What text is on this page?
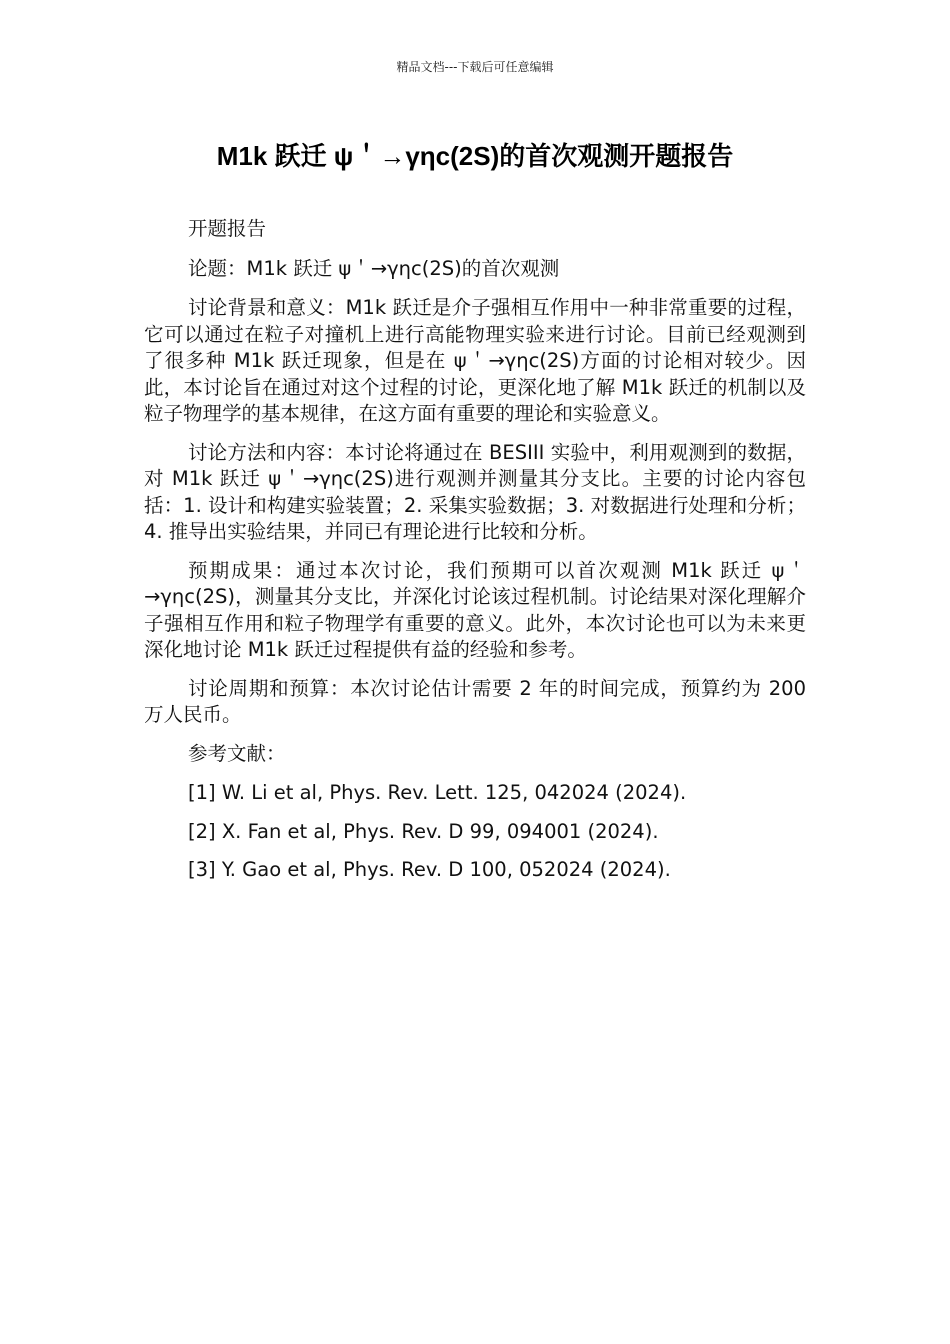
精品文档---下载后可任意编辑
M1k 跃迁 ψ＇→γηc(2S)的首次观测开题报告

开题报告

论题：M1k 跃迁 ψ＇→γηc(2S)的首次观测

讨论背景和意义：M1k 跃迁是介子强相互作用中一种非常重要的过程，它可以通过在粒子对撞机上进行高能物理实验来进行讨论。目前已经观测到了很多种 M1k 跃迁现象，但是在 ψ＇→γηc(2S)方面的讨论相对较少。因此，本讨论旨在通过对这个过程的讨论，更深化地了解 M1k 跃迁的机制以及粒子物理学的基本规律，在这方面有重要的理论和实验意义。

讨论方法和内容：本讨论将通过在 BESIII 实验中，利用观测到的数据，对 M1k 跃迁 ψ＇→γηc(2S)进行观测并测量其分支比。主要的讨论内容包括：1. 设计和构建实验装置；2. 采集实验数据；3. 对数据进行处理和分析；4. 推导出实验结果，并同已有理论进行比较和分析。

预期成果：通过本次讨论，我们预期可以首次观测 M1k 跃迁 ψ＇→γηc(2S)，测量其分支比，并深化讨论该过程机制。讨论结果对深化理解介子强相互作用和粒子物理学有重要的意义。此外，本次讨论也可以为未来更深化地讨论 M1k 跃迁过程提供有益的经验和参考。

讨论周期和预算：本次讨论估计需要 2 年的时间完成，预算约为 200 万人民币。

参考文献：

[1] W. Li et al, Phys. Rev. Lett. 125, 042024 (2024).

[2] X. Fan et al, Phys. Rev. D 99, 094001 (2024).

[3] Y. Gao et al, Phys. Rev. D 100, 052024 (2024).
